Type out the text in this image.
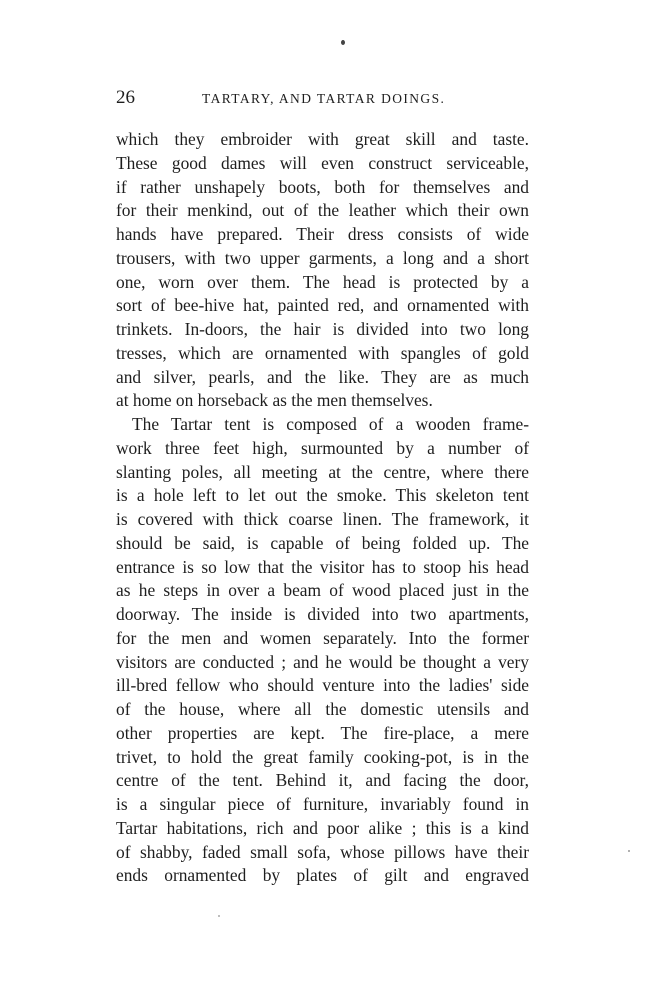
26	TARTARY, AND TARTAR DOINGS.
which they embroider with great skill and taste.
These good dames will even construct serviceable,
if rather unshapely boots, both for themselves and
for their menkind, out of the leather which their own
hands have prepared. Their dress consists of wide
trousers, with two upper garments, a long and a short
one, worn over them. The head is protected by a
sort of bee-hive hat, painted red, and ornamented with
trinkets. In-doors, the hair is divided into two long
tresses, which are ornamented with spangles of gold
and silver, pearls, and the like. They are as much
at home on horseback as the men themselves.
The Tartar tent is composed of a wooden frame-
work three feet high, surmounted by a number of
slanting poles, all meeting at the centre, where there
is a hole left to let out the smoke. This skeleton tent
is covered with thick coarse linen. The framework, it
should be said, is capable of being folded up. The
entrance is so low that the visitor has to stoop his head
as he steps in over a beam of wood placed just in the
doorway. The inside is divided into two apartments,
for the men and women separately. Into the former
visitors are conducted ; and he would be thought a very
ill-bred fellow who should venture into the ladies' side
of the house, where all the domestic utensils and
other properties are kept. The fire-place, a mere
trivet, to hold the great family cooking-pot, is in the
centre of the tent. Behind it, and facing the door,
is a singular piece of furniture, invariably found in
Tartar habitations, rich and poor alike ; this is a kind
of shabby, faded small sofa, whose pillows have their
ends ornamented by plates of gilt and engraved
